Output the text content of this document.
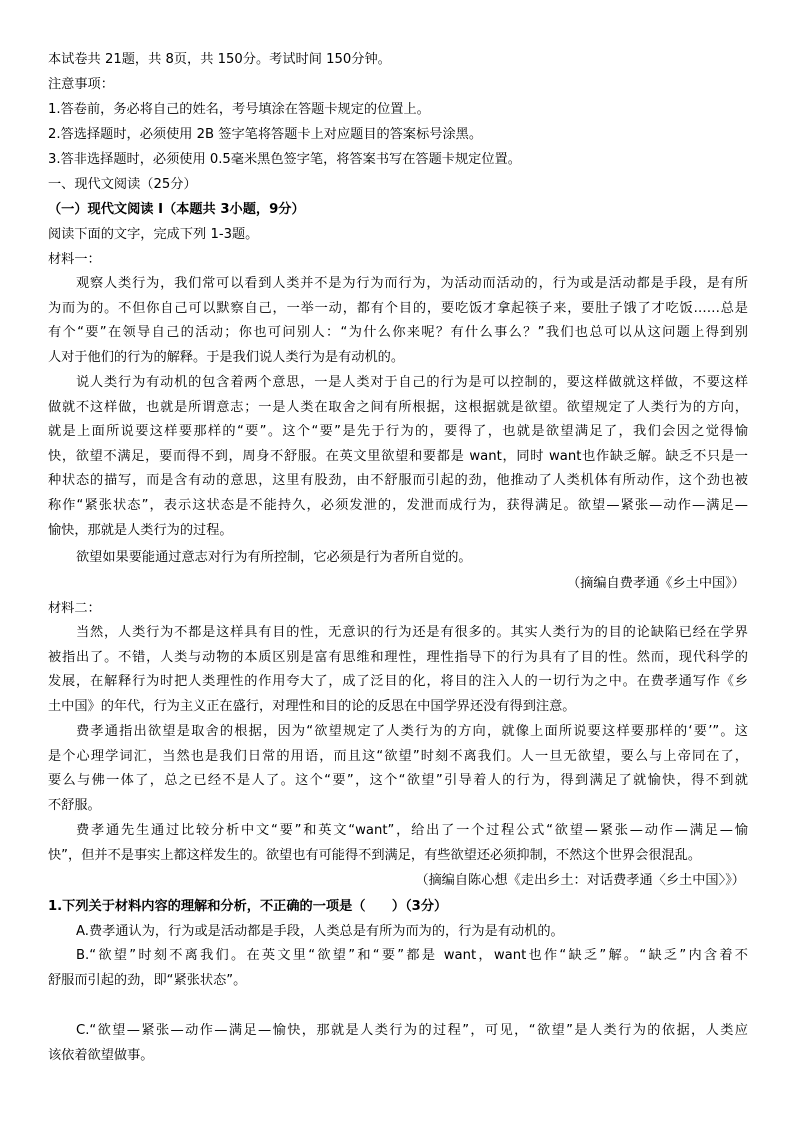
本试卷共 21题，共 8页，共 150分。考试时间 150分钟。
注意事项：
1.答卷前，务必将自己的姓名，考号填涂在答题卡规定的位置上。
2.答选择题时，必须使用 2B 签字笔将答题卡上对应题目的答案标号涂黑。
3.答非选择题时，必须使用 0.5毫米黑色签字笔，将答案书写在答题卡规定位置。
一、现代文阅读（25分）
（一）现代文阅读 I（本题共 3小题，9分）
阅读下面的文字，完成下列 1-3题。
材料一：
观察人类行为，我们常可以看到人类并不是为行为而行为，为活动而活动的，行为或是活动都是手段，是有所
为而为的。不但你自己可以默察自己，一举一动，都有个目的，要吃饭才拿起筷子来，要肚子饿了才吃饭……总是
有个“要”在领导自己的活动；你也可问别人：“为什么你来呢？有什么事么？”我们也总可以从这问题上得到别
人对于他们的行为的解释。于是我们说人类行为是有动机的。
说人类行为有动机的包含着两个意思，一是人类对于自己的行为是可以控制的，要这样做就这样做，不要这样
做就不这样做，也就是所谓意志；一是人类在取舍之间有所根据，这根据就是欲望。欲望规定了人类行为的方向，
就是上面所说要这样要那样的“要”。这个“要”是先于行为的，要得了，也就是欲望满足了，我们会因之觉得愉
快，欲望不满足，要而得不到，周身不舒服。在英文里欲望和要都是 want，同时 want也作缺乏解。缺乏不只是一
种状态的描写，而是含有动的意思，这里有股劲，由不舒服而引起的劲，他推动了人类机体有所动作，这个劲也被
称作“紧张状态”，表示这状态是不能持久，必须发泄的，发泄而成行为，获得满足。欲望—紧张—动作—满足—
愉快，那就是人类行为的过程。
欲望如果要能通过意志对行为有所控制，它必须是行为者所自觉的。
（摘编自费孝通《乡土中国》）
材料二：
当然，人类行为不都是这样具有目的性，无意识的行为还是有很多的。其实人类行为的目的论缺陷已经在学界
被指出了。不错，人类与动物的本质区别是富有思维和理性，理性指导下的行为具有了目的性。然而，现代科学的
发展，在解释行为时把人类理性的作用夸大了，成了泛目的化，将目的注入人的一切行为之中。在费孝通写作《乡
土中国》的年代，行为主义正在盛行，对理性和目的论的反思在中国学界还没有得到注意。
费孝通指出欲望是取舍的根据，因为“欲望规定了人类行为的方向，就像上面所说要这样要那样的‘要’”。这
是个心理学词汇，当然也是我们日常的用语，而且这“欲望”时刻不离我们。人一旦无欲望，要么与上帝同在了，
要么与佛一体了，总之已经不是人了。这个“要”，这个“欲望”引导着人的行为，得到满足了就愉快，得不到就
不舒服。
费孝通先生通过比较分析中文“要”和英文“want”，给出了一个过程公式“欲望—紧张—动作—满足—愉
快”，但并不是事实上都这样发生的。欲望也有可能得不到满足，有些欲望还必须抑制，不然这个世界会很混乱。
（摘编自陈心想《走出乡土：对话费孝通〈乡土中国〉》）
1.下列关于材料内容的理解和分析，不正确的一项是（　　）（3分）
A.费孝通认为，行为或是活动都是手段，人类总是有所为而为的，行为是有动机的。
B.“欲望”时刻不离我们。在英文里“欲望”和“要”都是 want，want也作“缺乏”解。“缺乏”内含着不
舒服而引起的劲，即“紧张状态”。
C.“欲望—紧张—动作—满足—愉快，那就是人类行为的过程”，可见，“欲望”是人类行为的依据，人类应
该依着欲望做事。
